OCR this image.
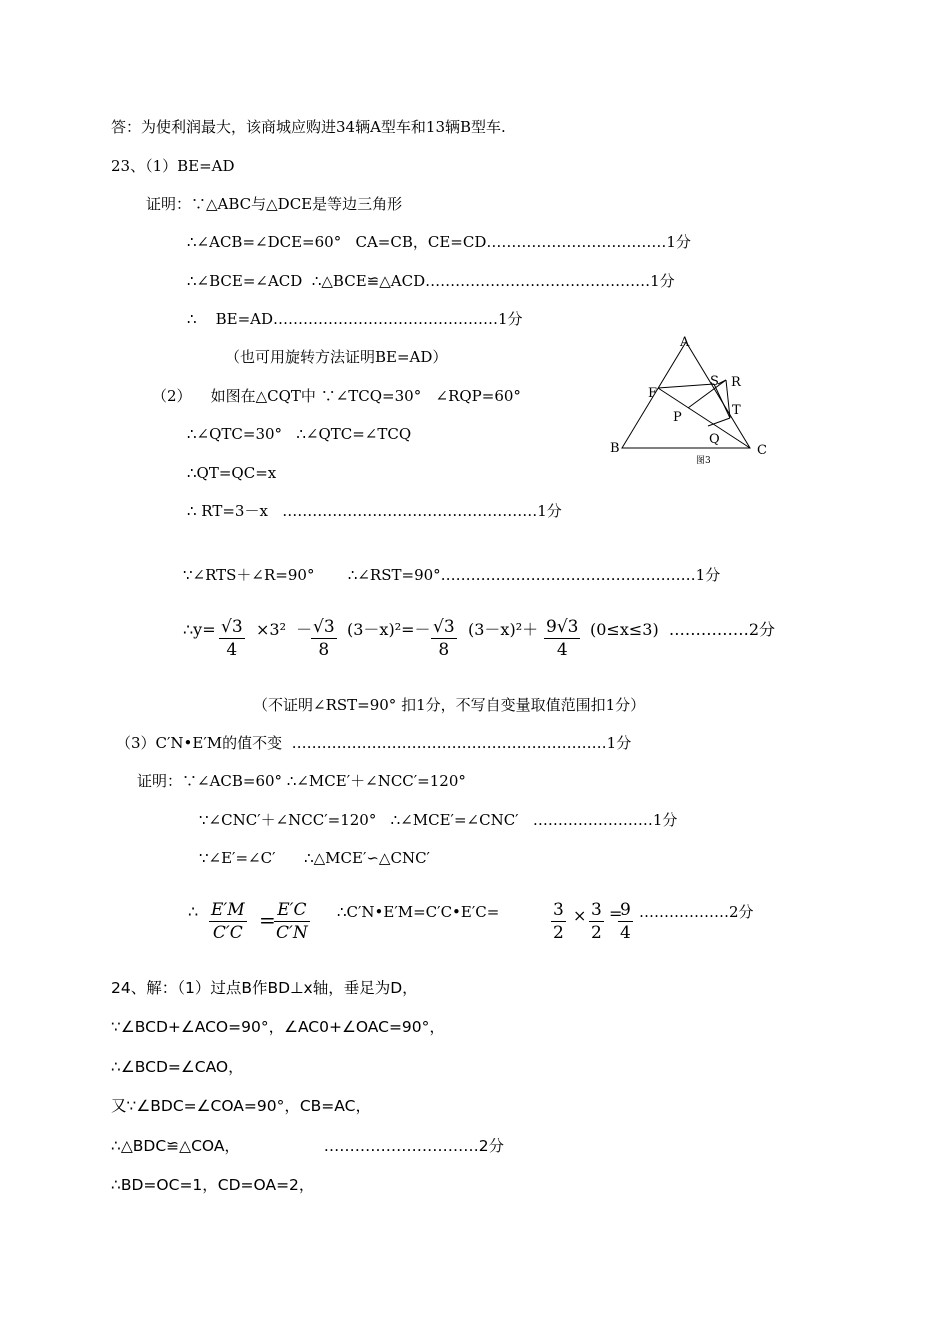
答：为使利润最大，该商城应购进34辆A型车和13辆B型车.
23、（1）BE=AD
证明：∵△ABC与△DCE是等边三角形
∴∠ACB=∠DCE=60°   CA=CB，CE=CD………………………………1分
∴∠BCE=∠ACD  ∴△BCE≌△ACD………………………………………1分
∴    BE=AD………………………………………1分
（也可用旋转方法证明BE=AD）
（2）    如图在△CQT中 ∵∠TCQ=30°   ∠RQP=60°
∴∠QTC=30°   ∴∠QTC=∠TCQ
∴QT=QC=x
∴ RT=3－x   ……………………………………………1分
∵∠RTS＋∠R=90°       ∴∠RST=90°……………………………………………1分
∴y= $\frac{√3}{4} \times 3^2$  －
$\frac{√3}{8} (3-x)^2=- \frac{√3}{8} (3-x)^2+ \frac{9√3}{4} (0\le x\le 3)$  ……………2分
（不证明∠RST=90° 扣1分，不写自变量取值范围扣1分）
（3）C′N•E′M的值不变  ………………………………………………………1分
证明：∵∠ACB=60° ∴∠MCE′＋∠NCC′=120°
∵∠CNC′＋∠NCC′=120°   ∴∠MCE′=∠CNC′   ……………………1分
∵∠E′=∠C′      ∴△MCE′∽△CNC′
∴ $\frac{E'M}{C'C}$ =
$\frac{E'C}{C'N}$ ∴C′N•E′M=C′C•E′C=	$\frac{3}{2} \times \frac{3}{2}$ =
$\frac{9}{4}$ ………………2分
24、解：（1）过点B作BD⊥x轴，垂足为D，
∵∠BCD+∠ACO=90°，∠AC0+∠OAC=90°，
∴∠BCD=∠CAO，
又∵∠BDC=∠COA=90°，CB=AC，
∴△BDC≌△COA，                 …………………………2分
∴BD=OC=1，CD=OA=2，
A
B	C
F
P
Q
S R
T
图3
